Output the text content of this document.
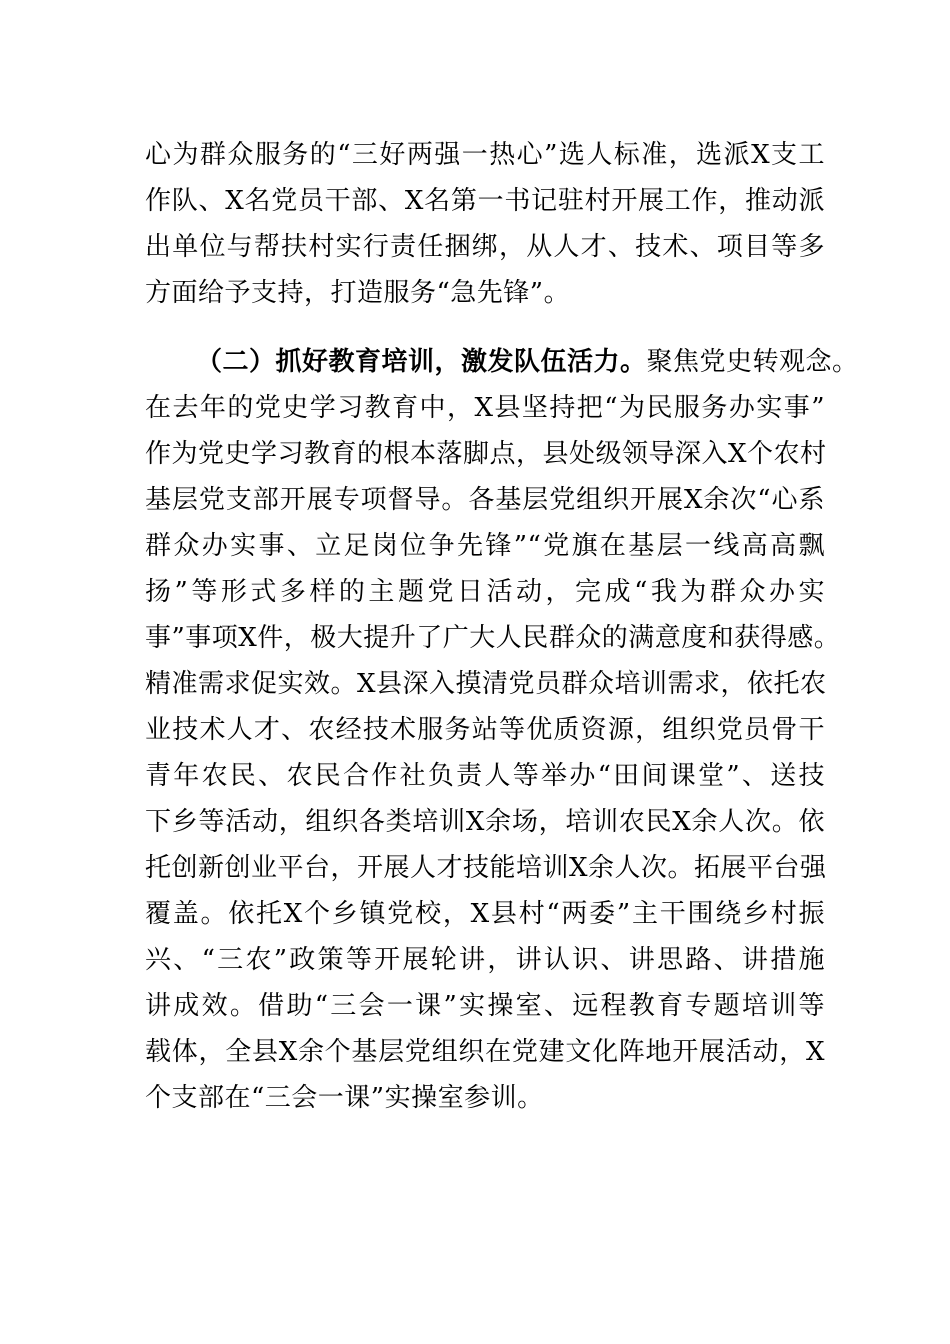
心为群众服务的“三好两强一热心”选人标准，选派X支工
作队、X名党员干部、X名第一书记驻村开展工作，推动派
出单位与帮扶村实行责任捆绑，从人才、技术、项目等多
方面给予支持，打造服务“急先锋”。
（二）抓好教育培训，激发队伍活力。聚焦党史转观念。
在去年的党史学习教育中，X县坚持把“为民服务办实事”
作为党史学习教育的根本落脚点，县处级领导深入X个农村
基层党支部开展专项督导。各基层党组织开展X余次“心系
群众办实事、立足岗位争先锋”“党旗在基层一线高高飘
扬”等形式多样的主题党日活动，完成“我为群众办实
事”事项X件，极大提升了广大人民群众的满意度和获得感。
精准需求促实效。X县深入摸清党员群众培训需求，依托农
业技术人才、农经技术服务站等优质资源，组织党员骨干
青年农民、农民合作社负责人等举办“田间课堂”、送技
下乡等活动，组织各类培训X余场，培训农民X余人次。依
托创新创业平台，开展人才技能培训X余人次。拓展平台强
覆盖。依托X个乡镇党校，X县村“两委”主干围绕乡村振
兴、“三农”政策等开展轮讲，讲认识、讲思路、讲措施
讲成效。借助“三会一课”实操室、远程教育专题培训等
载体，全县X余个基层党组织在党建文化阵地开展活动，X
个支部在“三会一课”实操室参训。
